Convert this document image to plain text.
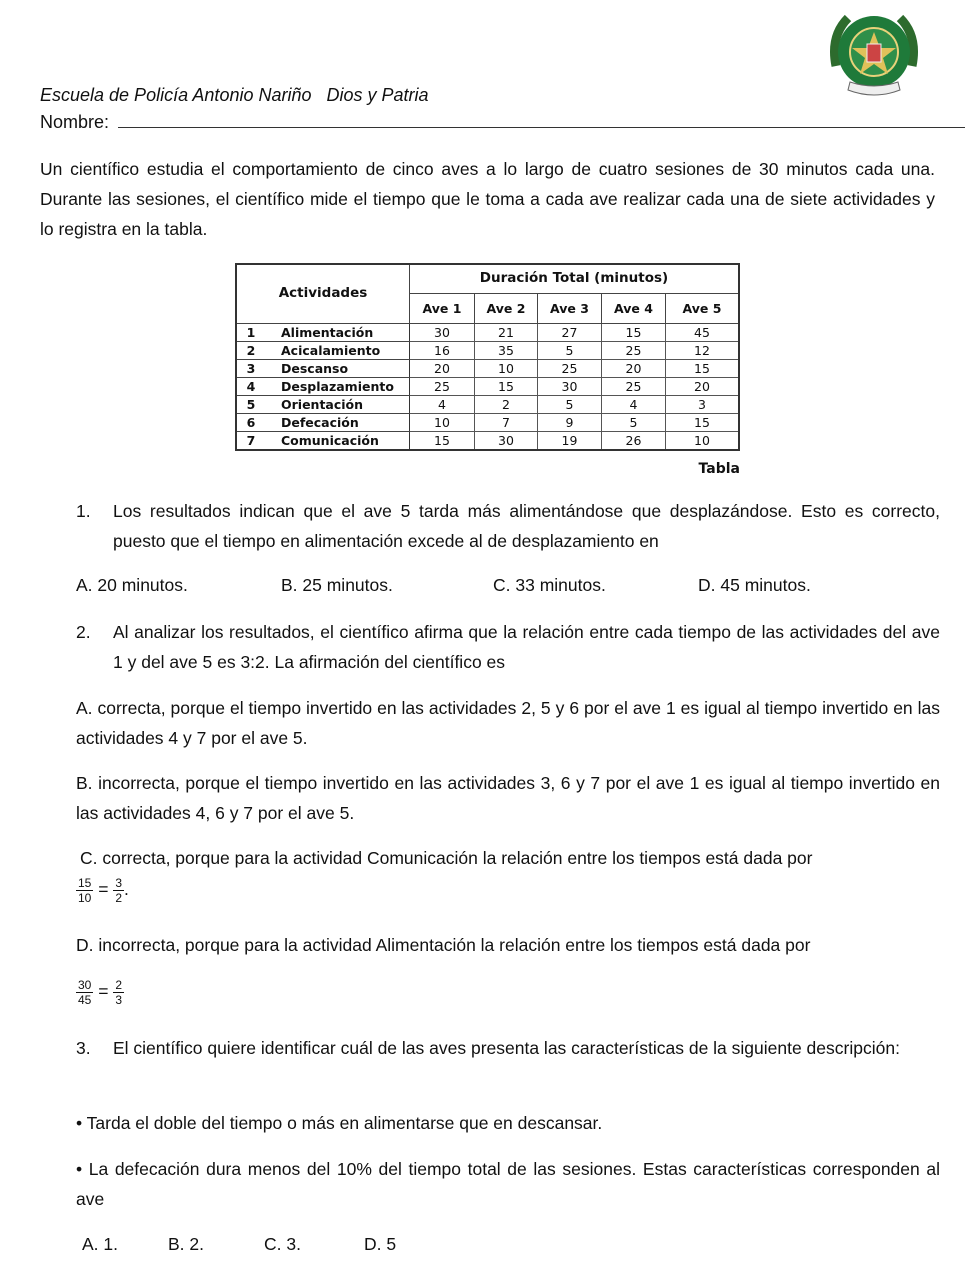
Escuela de Policía Antonio Nariño Dios y Patria
Nombre:
Un científico estudia el comportamiento de cinco aves a lo largo de cuatro sesiones de 30 minutos cada una. Durante las sesiones, el científico mide el tiempo que le toma a cada ave realizar cada una de siete actividades y lo registra en la tabla.
Actividades		Duración Total (minutos)				
		Ave 1	Ave 2	Ave 3	Ave 4	Ave 5
1	Alimentación	30	21	27	15	45
2	Acicalamiento	16	35	5	25	12
3	Descanso	20	10	25	20	15
4	Desplazamiento	25	15	30	25	20
5	Orientación	4	2	5	4	3
6	Defecación	10	7	9	5	15
7	Comunicación	15	30	19	26	10
Tabla
1. Los resultados indican que el ave 5 tarda más alimentándose que desplazándose. Esto es correcto, puesto que el tiempo en alimentación excede al de desplazamiento en
A. 20 minutos.	B. 25 minutos.	C. 33 minutos.	D. 45 minutos.
2. Al analizar los resultados, el científico afirma que la relación entre cada tiempo de las actividades del ave 1 y del ave 5 es 3:2. La afirmación del científico es
A. correcta, porque el tiempo invertido en las actividades 2, 5 y 6 por el ave 1 es igual al tiempo invertido en las actividades 4 y 7 por el ave 5.
B. incorrecta, porque el tiempo invertido en las actividades 3, 6 y 7 por el ave 1 es igual al tiempo invertido en las actividades 4, 6 y 7 por el ave 5.
C. correcta, porque para la actividad Comunicación la relación entre los tiempos está dada por
$\frac{15}{10} = \frac{3}{2}$ .
D. incorrecta, porque para la actividad Alimentación la relación entre los tiempos está dada por
$\frac{30}{45} = \frac{2}{3}$
3. El científico quiere identificar cuál de las aves presenta las características de la siguiente descripción:
• Tarda el doble del tiempo o más en alimentarse que en descansar.
• La defecación dura menos del 10% del tiempo total de las sesiones. Estas características corresponden al ave
A. 1.	B. 2.	C. 3.	D. 5
